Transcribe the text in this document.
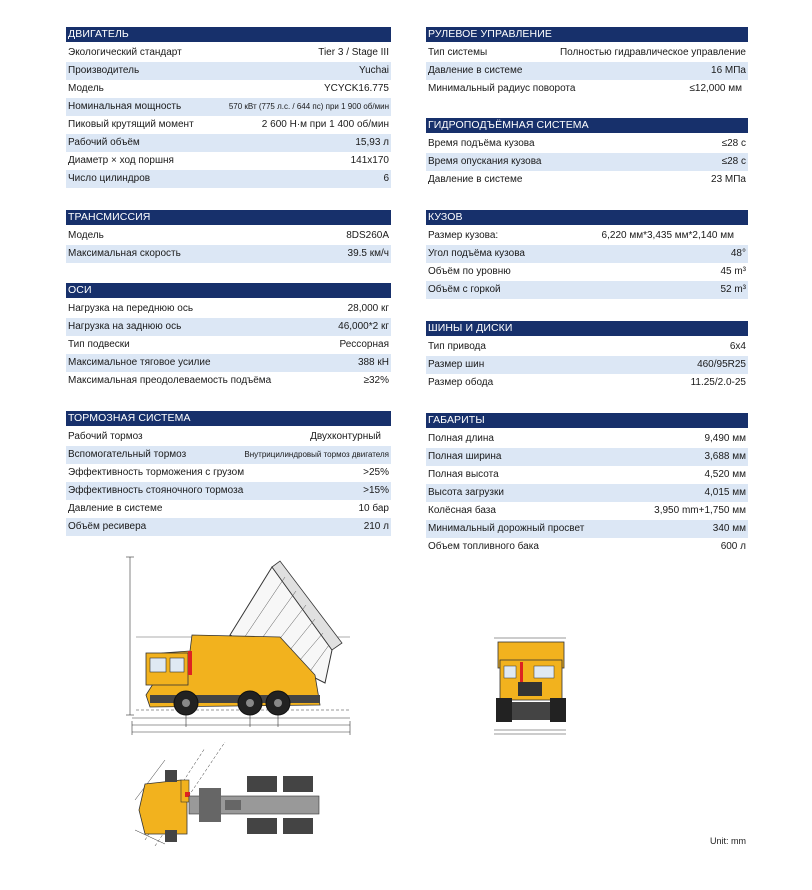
ДВИГАТЕЛЬ
Экологический стандарт	Tier 3 / Stage III
Производитель	Yuchai
Модель	YCYCK16.775
Номинальная мощность	570 кВт (775 л.с. / 644 пс) при 1 900 об/мин
Пиковый крутящий момент	2 600 Н·м при 1 400 об/мин
Рабочий объём	15,93 л
Диаметр × ход поршня	141x170
Число цилиндров	6
ТРАНСМИССИЯ
Модель	8DS260A
Максимальная скорость	39.5 км/ч
ОСИ
Нагрузка на переднюю ось	28,000 кг
Нагрузка на заднюю ось	46,000*2 кг
Тип подвески	Рессорная
Максимальное тяговое усилие	388 кН
Максимальная преодолеваемость подъёма	≥32%
ТОРМОЗНАЯ СИСТЕМА
Рабочий тормоз	Двухконтурный
Вспомогательный тормоз	Внутрицилиндровый тормоз двигателя
Эффективность торможения с грузом	>25%
Эффективность стояночного тормоза	>15%
Давление в системе	10 бар
Объём ресивера	210 л
РУЛЕВОЕ УПРАВЛЕНИЕ
Тип системы	Полностью гидравлическое управление
Давление в системе	16 МПа
Минимальный радиус поворота	≤12,000 мм
ГИДРОПОДЪЁМНАЯ СИСТЕМА
Время подъёма кузова	≤28 с
Время опускания кузова	≤28 с
Давление в системе	23 МПа
КУЗОВ
Размер кузова:	6,220 мм*3,435 мм*2,140 мм
Угол подъёма кузова	48°
Объём по уровню	45 m³
Объём с горкой	52 m³
ШИНЫ И ДИСКИ
Тип привода	6x4
Размер шин	460/95R25
Размер обода	11.25/2.0-25
ГАБАРИТЫ
Полная длина	9,490 мм
Полная ширина	3,688 мм
Полная высота	4,520 мм
Высота загрузки	4,015 мм
Колёсная база	3,950 mm+1,750 мм
Минимальный дорожный просвет	340 мм
Объем топливного бака	600 л
Unit: mm
